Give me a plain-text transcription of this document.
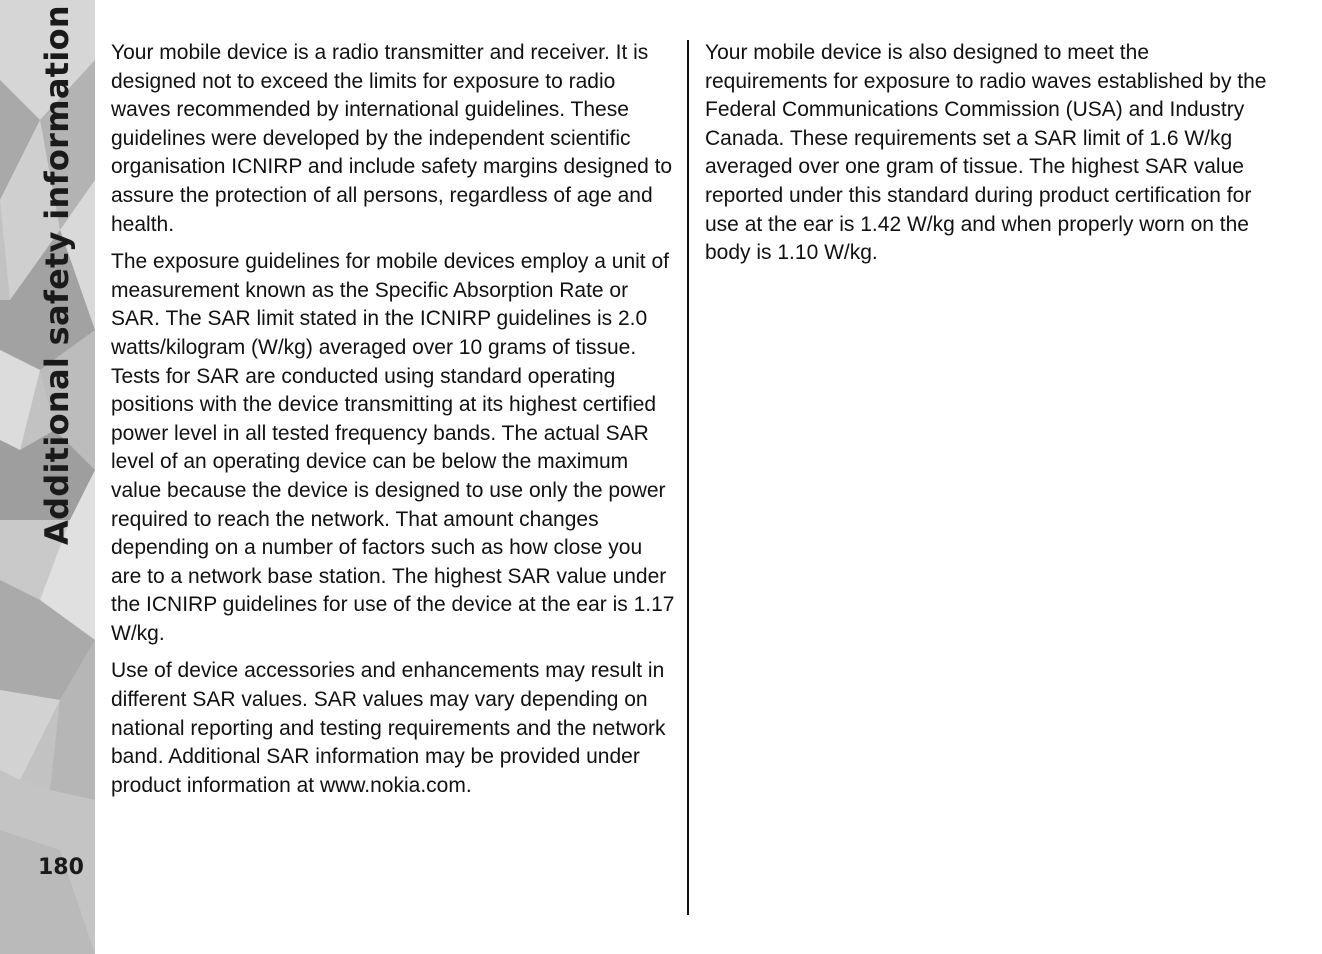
Additional safety information
180

Your mobile device is a radio transmitter and receiver. It is designed not to exceed the limits for exposure to radio waves recommended by international guidelines. These guidelines were developed by the independent scientific organisation ICNIRP and include safety margins designed to assure the protection of all persons, regardless of age and health.

The exposure guidelines for mobile devices employ a unit of measurement known as the Specific Absorption Rate or SAR. The SAR limit stated in the ICNIRP guidelines is 2.0 watts/kilogram (W/kg) averaged over 10 grams of tissue. Tests for SAR are conducted using standard operating positions with the device transmitting at its highest certified power level in all tested frequency bands. The actual SAR level of an operating device can be below the maximum value because the device is designed to use only the power required to reach the network. That amount changes depending on a number of factors such as how close you are to a network base station. The highest SAR value under the ICNIRP guidelines for use of the device at the ear is 1.17 W/kg.

Use of device accessories and enhancements may result in different SAR values. SAR values may vary depending on national reporting and testing requirements and the network band. Additional SAR information may be provided under product information at www.nokia.com.

Your mobile device is also designed to meet the requirements for exposure to radio waves established by the Federal Communications Commission (USA) and Industry Canada. These requirements set a SAR limit of 1.6 W/kg averaged over one gram of tissue. The highest SAR value reported under this standard during product certification for use at the ear is 1.42 W/kg and when properly worn on the body is 1.10 W/kg.
